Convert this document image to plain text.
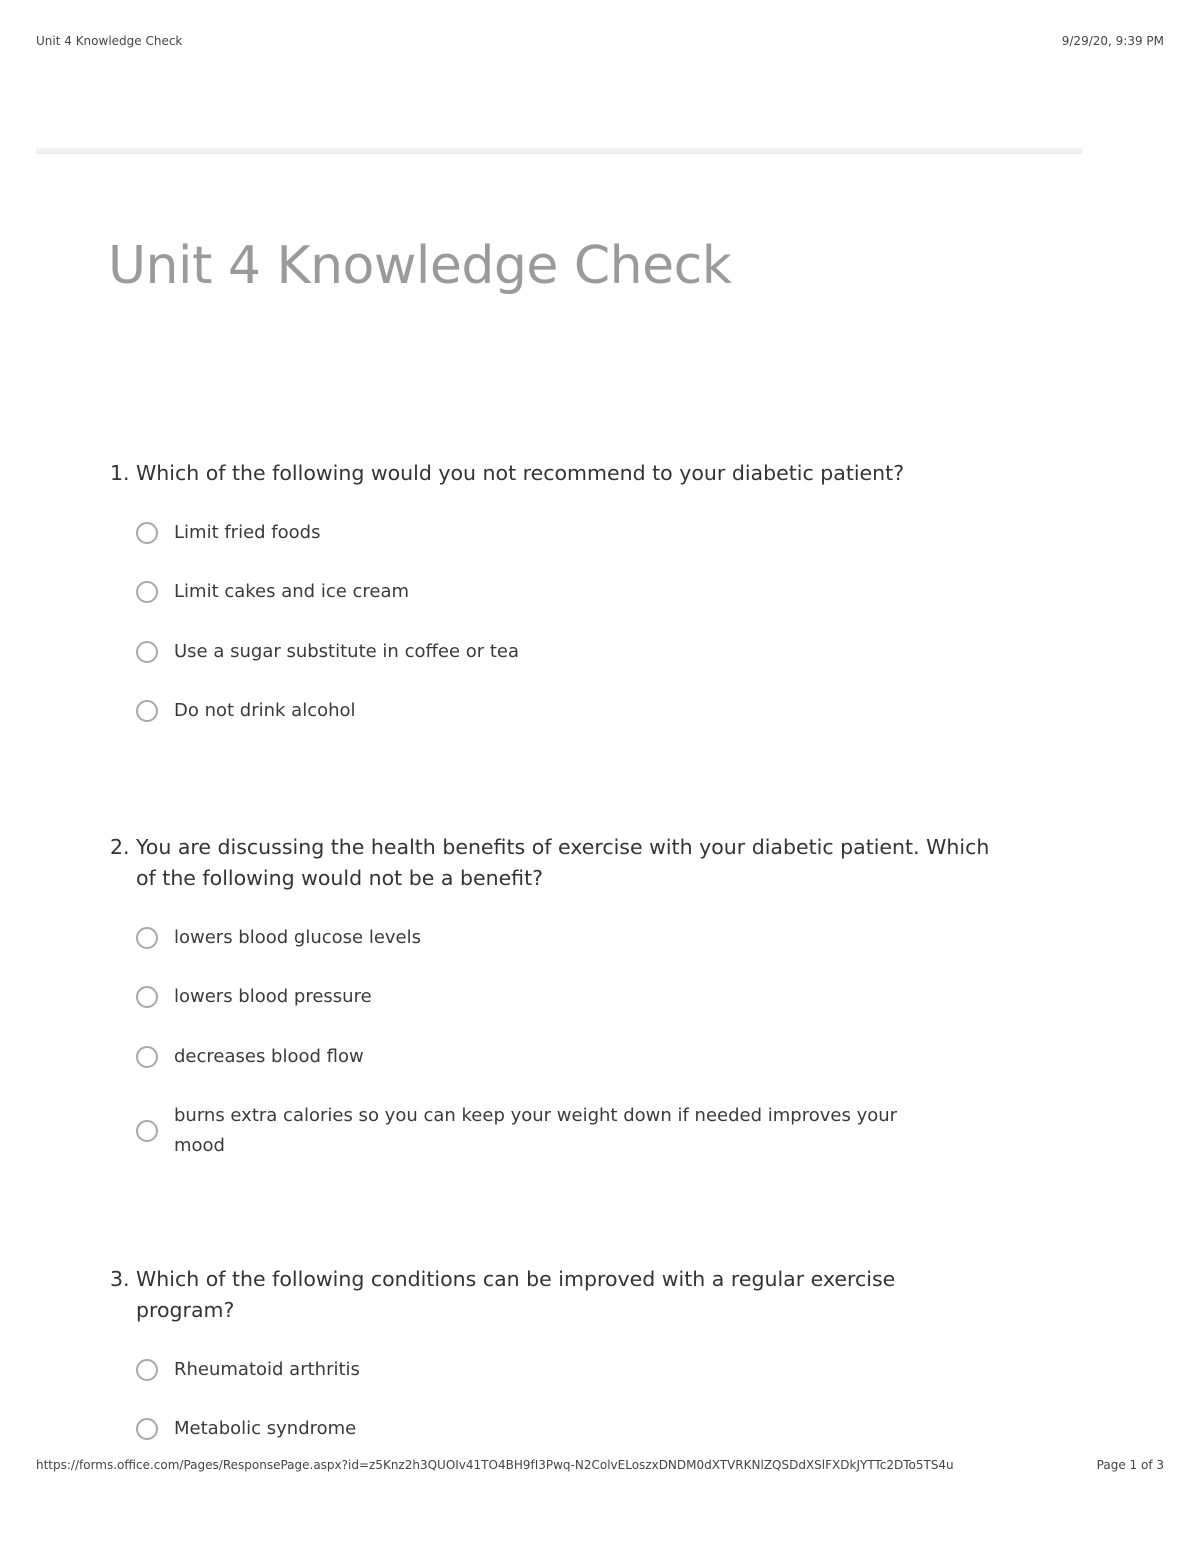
Unit 4 Knowledge Check	9/29/20, 9:39 PM
Unit 4 Knowledge Check
1. Which of the following would you not recommend to your diabetic patient?
Limit fried foods
Limit cakes and ice cream
Use a sugar substitute in coffee or tea
Do not drink alcohol
2. You are discussing the health benefits of exercise with your diabetic patient. Which of the following would not be a benefit?
lowers blood glucose levels
lowers blood pressure
decreases blood flow
burns extra calories so you can keep your weight down if needed improves your mood
3. Which of the following conditions can be improved with a regular exercise program?
Rheumatoid arthritis
Metabolic syndrome
https://forms.office.com/Pages/ResponsePage.aspx?id=z5Knz2h3QUOIv41TO4BH9fI3Pwq-N2ColvELoszxDNDM0dXTVRKNlZQSDdXSlFXDkJYTTc2DTo5TS4u	Page 1 of 3
